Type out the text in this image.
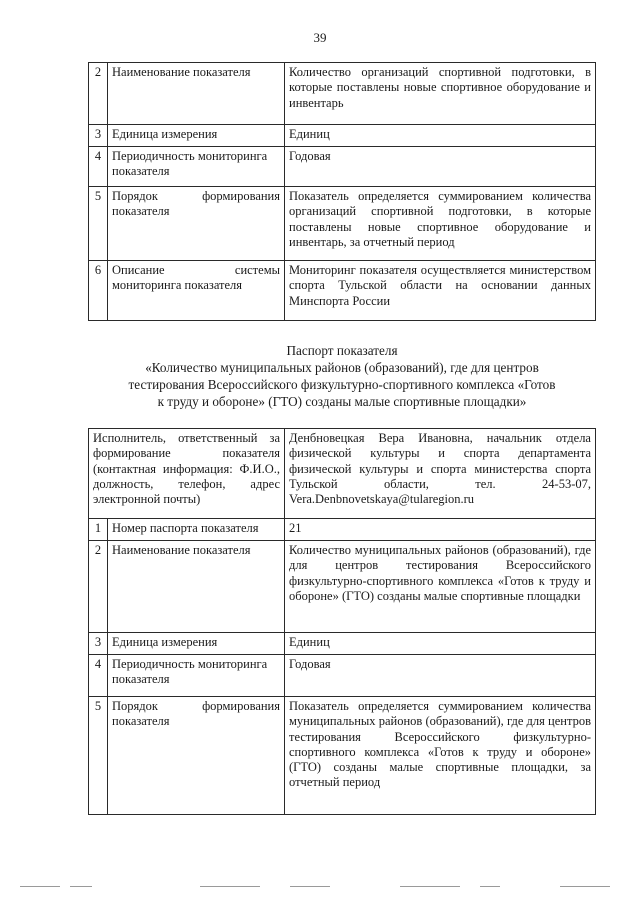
39
2	Наименование показателя	Количество организаций спортивной подготовки, в которые поставлены новые спортивное оборудование и инвентарь
3	Единица измерения	Единиц
4	Периодичность мониторинга показателя	Годовая
5	Порядок формирования показателя	Показатель определяется суммированием количества организаций спортивной подготовки, в которые поставлены новые спортивное оборудование и инвентарь, за отчетный период
6	Описание системы мониторинга показателя	Мониторинг показателя осуществляется министерством спорта Тульской области на основании данных Минспорта России
Паспорт показателя
«Количество муниципальных районов (образований), где для центров
тестирования Всероссийского физкультурно-спортивного комплекса «Готов
к труду и обороне» (ГТО) созданы малые спортивные площадки»
Исполнитель, ответственный за формирование показателя (контактная информация: Ф.И.О., должность, телефон, адрес электронной почты)		Денбновецкая Вера Ивановна, начальник отдела физической культуры и спорта департамента физической культуры и спорта министерства спорта Тульской области, тел. 24-53-07, Vera.Denbnovetskaya@tularegion.ru
1	Номер паспорта показателя	21
2	Наименование показателя	Количество муниципальных районов (образований), где для центров тестирования Всероссийского физкультурно-спортивного комплекса «Готов к труду и обороне» (ГТО) созданы малые спортивные площадки
3	Единица измерения	Единиц
4	Периодичность мониторинга показателя	Годовая
5	Порядок формирования показателя	Показатель определяется суммированием количества муниципальных районов (образований), где для центров тестирования Всероссийского физкультурно-спортивного комплекса «Готов к труду и обороне» (ГТО) созданы малые спортивные площадки, за отчетный период
